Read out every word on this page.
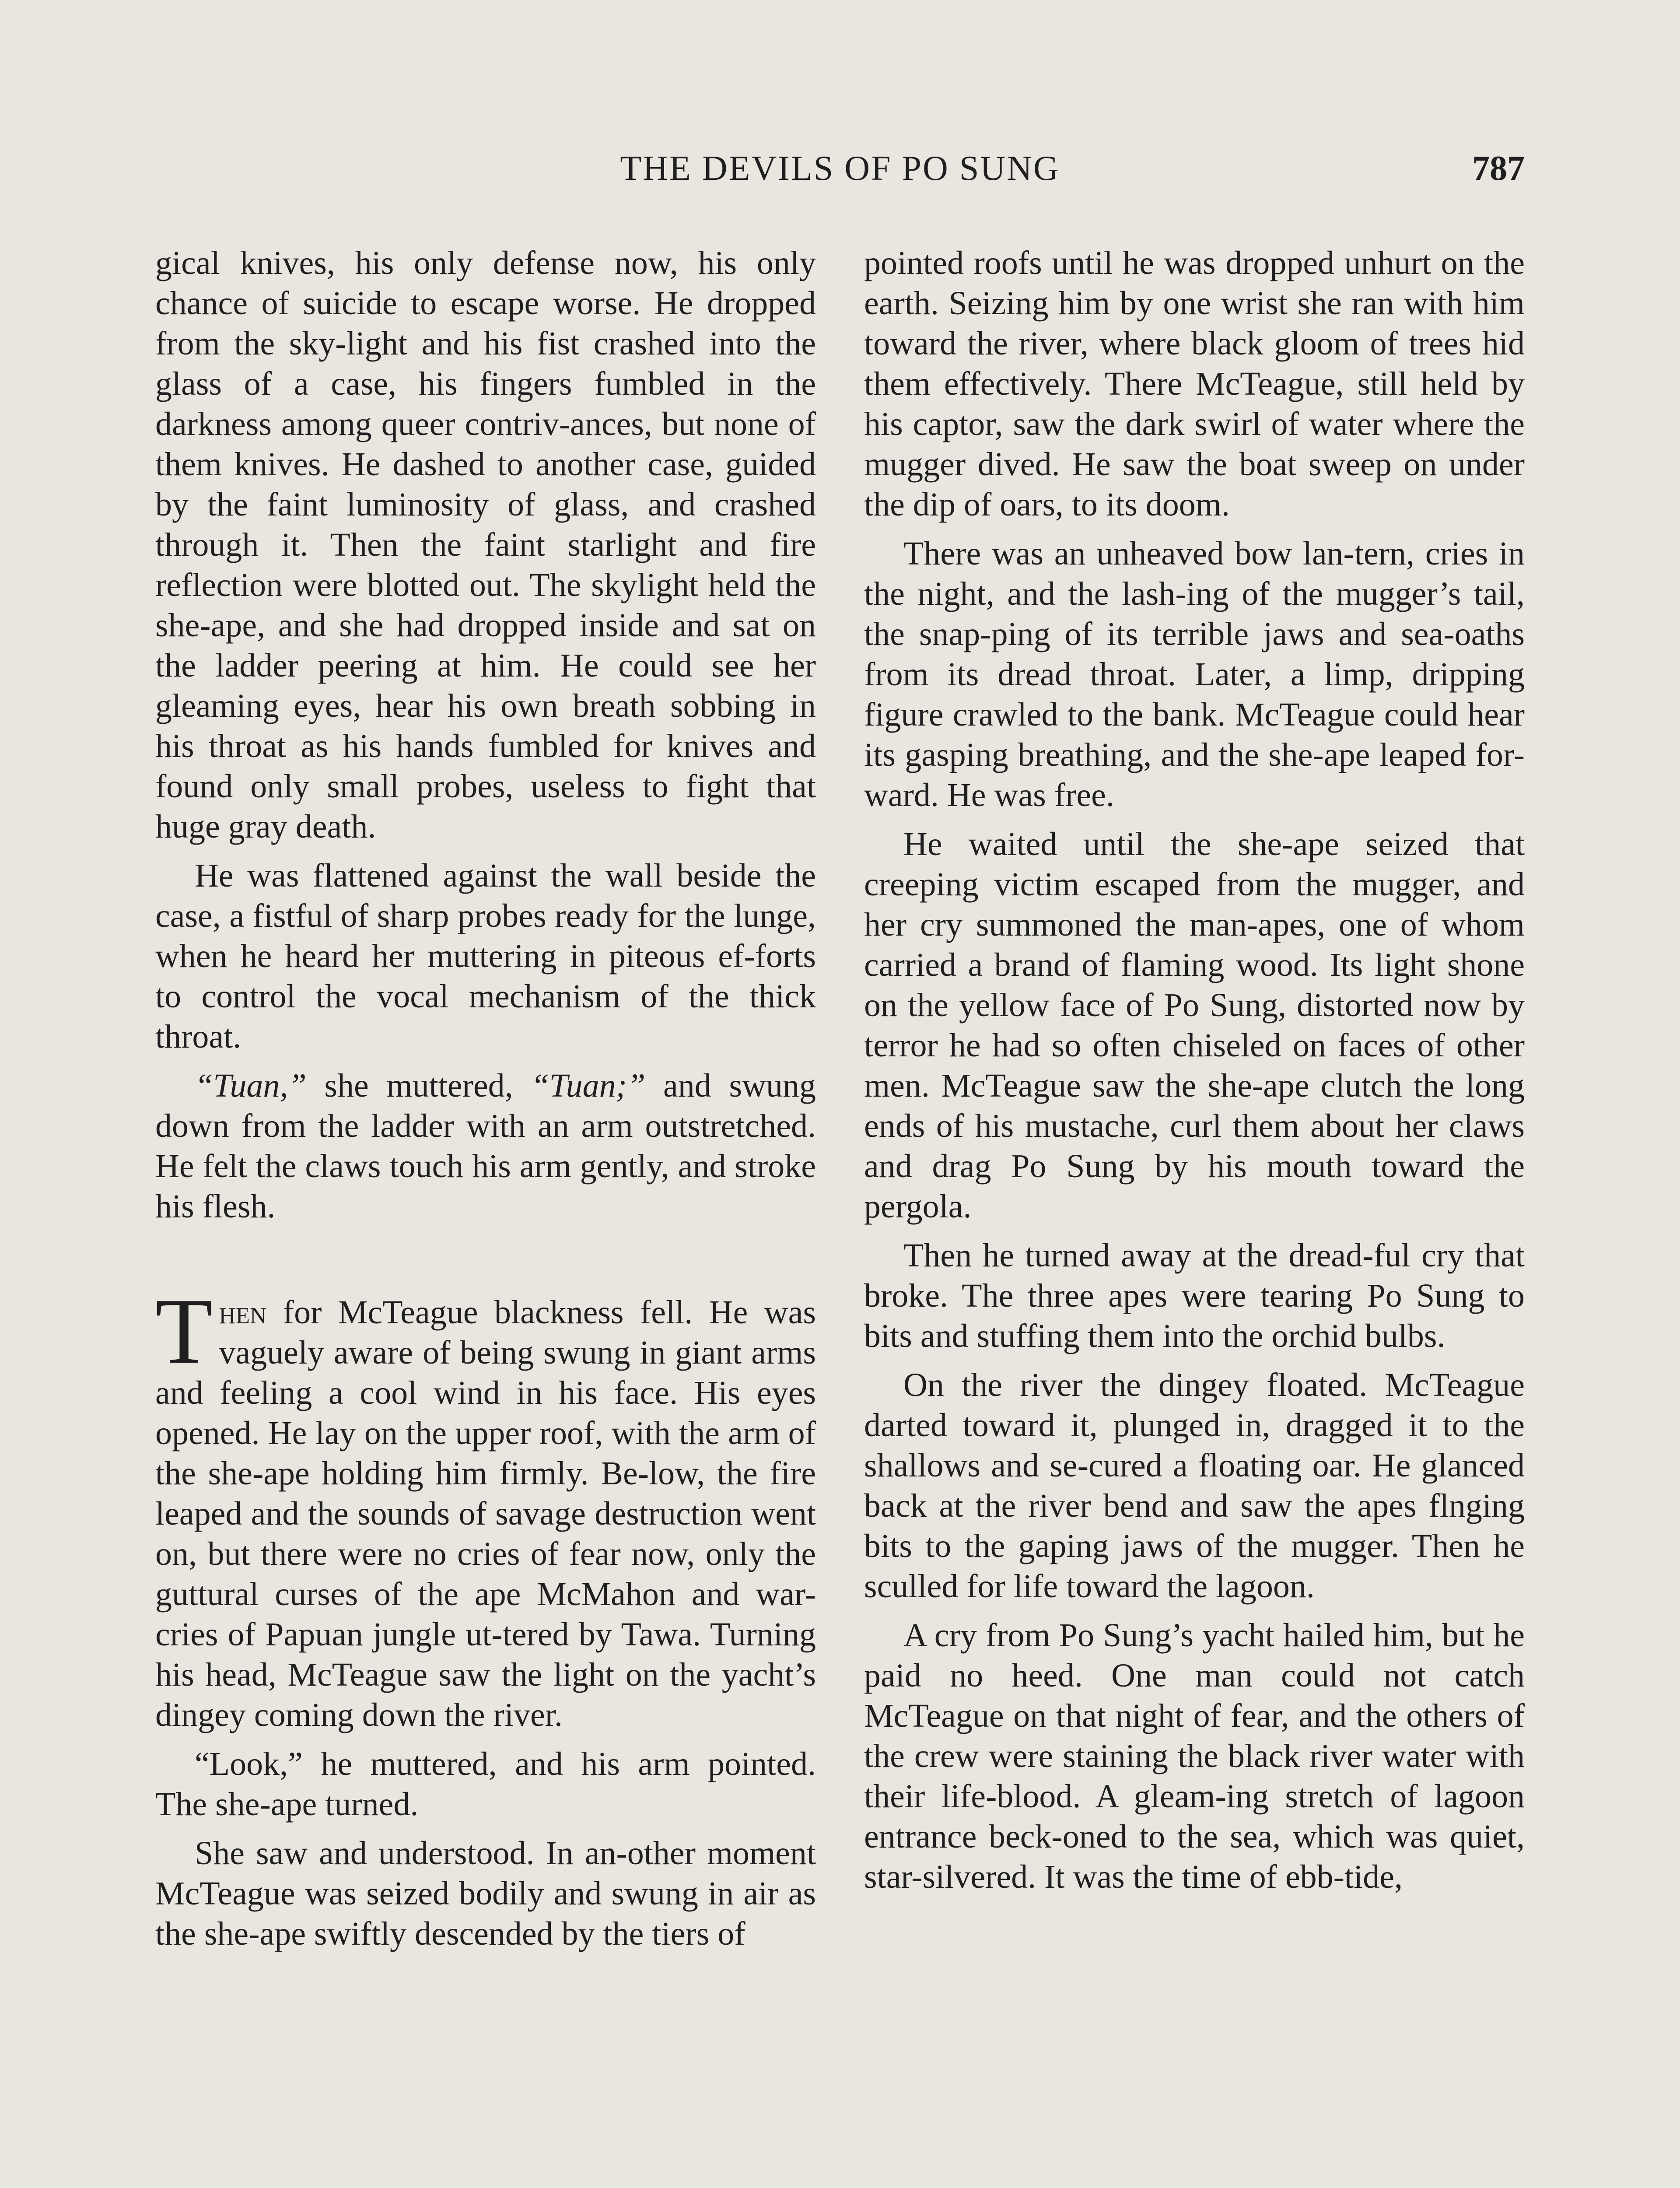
THE DEVILS OF PO SUNG	787

gical knives, his only defense now, his only chance of suicide to escape worse. He dropped from the sky-light and his fist crashed into the glass of a case, his fingers fumbled in the darkness among queer contriv-ances, but none of them knives. He dashed to another case, guided by the faint luminosity of glass, and crashed through it. Then the faint starlight and fire reflection were blotted out. The skylight held the she-ape, and she had dropped inside and sat on the ladder peering at him. He could see her gleaming eyes, hear his own breath sobbing in his throat as his hands fumbled for knives and found only small probes, useless to fight that huge gray death.

He was flattened against the wall beside the case, a fistful of sharp probes ready for the lunge, when he heard her muttering in piteous ef-forts to control the vocal mechanism of the thick throat.

“Tuan,” she muttered, “Tuan;” and swung down from the ladder with an arm outstretched. He felt the claws touch his arm gently, and stroke his flesh.

Then for McTeague blackness fell. He was vaguely aware of being swung in giant arms and feeling a cool wind in his face. His eyes opened. He lay on the upper roof, with the arm of the she-ape holding him firmly. Be-low, the fire leaped and the sounds of savage destruction went on, but there were no cries of fear now, only the guttural curses of the ape McMahon and war-cries of Papuan jungle ut-tered by Tawa. Turning his head, McTeague saw the light on the yacht’s dingey coming down the river.

“Look,” he muttered, and his arm pointed. The she-ape turned.

She saw and understood. In an-other moment McTeague was seized bodily and swung in air as the she-ape swiftly descended by the tiers of

pointed roofs until he was dropped unhurt on the earth. Seizing him by one wrist she ran with him toward the river, where black gloom of trees hid them effectively. There McTeague, still held by his captor, saw the dark swirl of water where the mugger dived. He saw the boat sweep on under the dip of oars, to its doom.

There was an unheaved bow lan-tern, cries in the night, and the lash-ing of the mugger’s tail, the snap-ping of its terrible jaws and sea-oaths from its dread throat. Later, a limp, dripping figure crawled to the bank. McTeague could hear its gasping breathing, and the she-ape leaped for-ward. He was free.

He waited until the she-ape seized that creeping victim escaped from the mugger, and her cry summoned the man-apes, one of whom carried a brand of flaming wood. Its light shone on the yellow face of Po Sung, distorted now by terror he had so often chiseled on faces of other men. McTeague saw the she-ape clutch the long ends of his mustache, curl them about her claws and drag Po Sung by his mouth toward the pergola.

Then he turned away at the dread-ful cry that broke. The three apes were tearing Po Sung to bits and stuffing them into the orchid bulbs.

On the river the dingey floated. McTeague darted toward it, plunged in, dragged it to the shallows and se-cured a floating oar. He glanced back at the river bend and saw the apes flnging bits to the gaping jaws of the mugger. Then he sculled for life toward the lagoon.

A cry from Po Sung’s yacht hailed him, but he paid no heed. One man could not catch McTeague on that night of fear, and the others of the crew were staining the black river water with their life-blood. A gleam-ing stretch of lagoon entrance beck-oned to the sea, which was quiet, star-silvered. It was the time of ebb-tide,
